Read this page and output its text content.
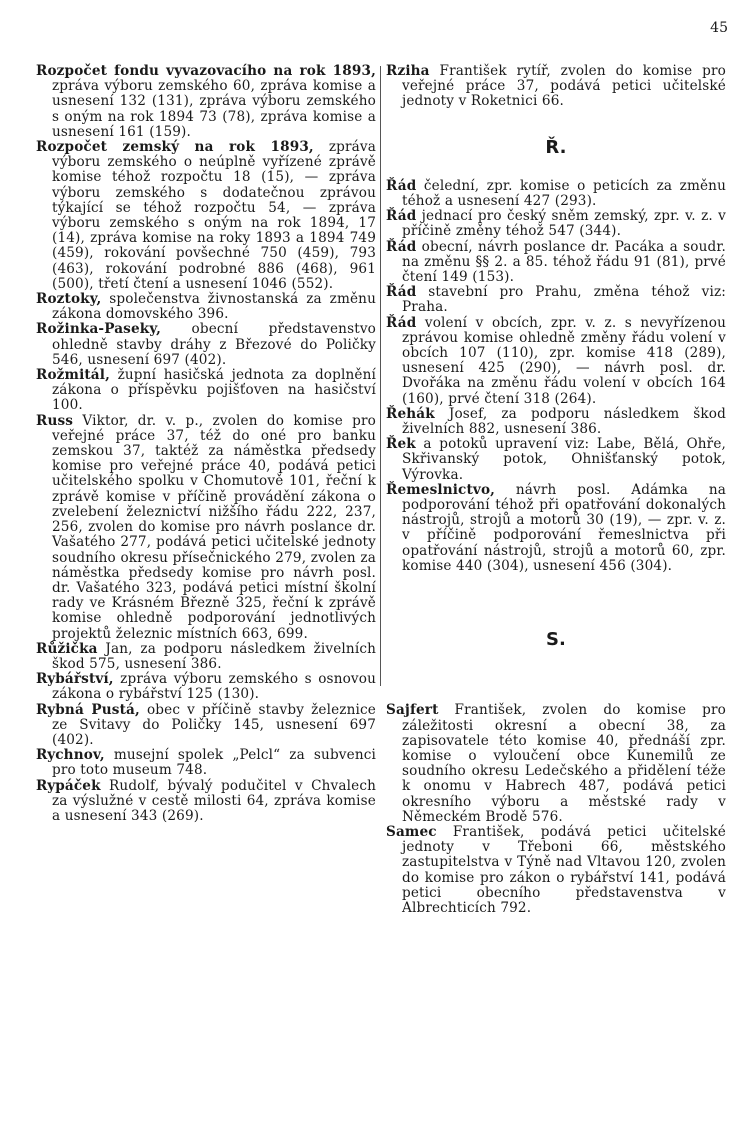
45

Rozpočet fondu vyvazovacího na rok 1893, zpráva výboru zemského 60, zpráva komise a usnesení 132 (131), zpráva výboru zemského s oným na rok 1894 73 (78), zpráva komise a usnesení 161 (159).

Rozpočet zemský na rok 1893, zpráva výboru zemského o neúplně vyřízené zprávě komise téhož rozpočtu 18 (15), — zpráva výboru zemského s dodatečnou zprávou týkající se téhož rozpočtu 54, — zpráva výboru zemského s oným na rok 1894, 17 (14), zpráva komise na roky 1893 a 1894 749 (459), rokování povšechné 750 (459), 793 (463), rokování podrobné 886 (468), 961 (500), třetí čtení a usnesení 1046 (552).

Roztoky, společenstva živnostanská za změnu zákona domovského 396.

Rožinka-Paseky, obecní představenstvo ohledně stavby dráhy z Březové do Poličky 546, usnesení 697 (402).

Rožmitál, župní hasičská jednota za doplnění zákona o příspěvku pojišťoven na hasičství 100.

Russ Viktor, dr. v. p., zvolen do komise pro veřejné práce 37, též do oné pro banku zemskou 37, taktéž za náměstka předsedy komise pro veřejné práce 40, podává petici učitelského spolku v Chomutově 101, řeční k zprávě komise v příčině provádění zákona o zvelebení železnictví nižšího řádu 222, 237, 256, zvolen do komise pro návrh poslance dr. Vašatého 277, podává petici učitelské jednoty soudního okresu přísečnického 279, zvolen za náměstka předsedy komise pro návrh posl. dr. Vašatého 323, podává petici místní školní rady ve Krásném Březně 325, řeční k zprávě komise ohledně podporování jednotlivých projektů železnic místních 663, 699.

Růžička Jan, za podporu následkem živelních škod 575, usnesení 386.

Rybářství, zpráva výboru zemského s osnovou zákona o rybářství 125 (130).

Rybná Pustá, obec v příčině stavby železnice ze Svitavy do Poličky 145, usnesení 697 (402).

Rychnov, musejní spolek „Pelcl“ za subvenci pro toto museum 748.

Rypáček Rudolf, bývalý podučitel v Chvalech za výslužné v cestě milosti 64, zpráva komise a usnesení 343 (269).

Rziha František rytíř, zvolen do komise pro veřejné práce 37, podává petici učitelské jednoty v Roketnici 66.

Ř.

Řád čelední, zpr. komise o peticích za změnu téhož a usnesení 427 (293).

Řád jednací pro český sněm zemský, zpr. v. z. v příčině změny téhož 547 (344).

Řád obecní, návrh poslance dr. Pacáka a soudr. na změnu §§ 2. a 85. téhož řádu 91 (81), prvé čtení 149 (153).

Řád stavební pro Prahu, změna téhož viz: Praha.

Řád volení v obcích, zpr. v. z. s nevyřízenou zprávou komise ohledně změny řádu volení v obcích 107 (110), zpr. komise 418 (289), usnesení 425 (290), — návrh posl. dr. Dvořáka na změnu řádu volení v obcích 164 (160), prvé čtení 318 (264).

Řehák Josef, za podporu následkem škod živelních 882, usnesení 386.

Řek a potoků upravení viz: Labe, Bělá, Ohře, Skřivanský potok, Ohnišťanský potok, Výrovka.

Řemeslnictvo, návrh posl. Adámka na podporování téhož při opatřování dokonalých nástrojů, strojů a motorů 30 (19), — zpr. v. z. v příčině podporování řemeslnictva při opatřování nástrojů, strojů a motorů 60, zpr. komise 440 (304), usnesení 456 (304).

S.

Sajfert František, zvolen do komise pro záležitosti okresní a obecní 38, za zapisovatele této komise 40, přednáší zpr. komise o vyloučení obce Kunemilů ze soudního okresu Ledečského a přidělení téže k onomu v Habrech 487, podává petici okresního výboru a městské rady v Německém Brodě 576.

Samec František, podává petici učitelské jednoty v Třeboni 66, městského zastupitelstva v Týně nad Vltavou 120, zvolen do komise pro zákon o rybářství 141, podává petici obecního představenstva v Albrechticích 792.
